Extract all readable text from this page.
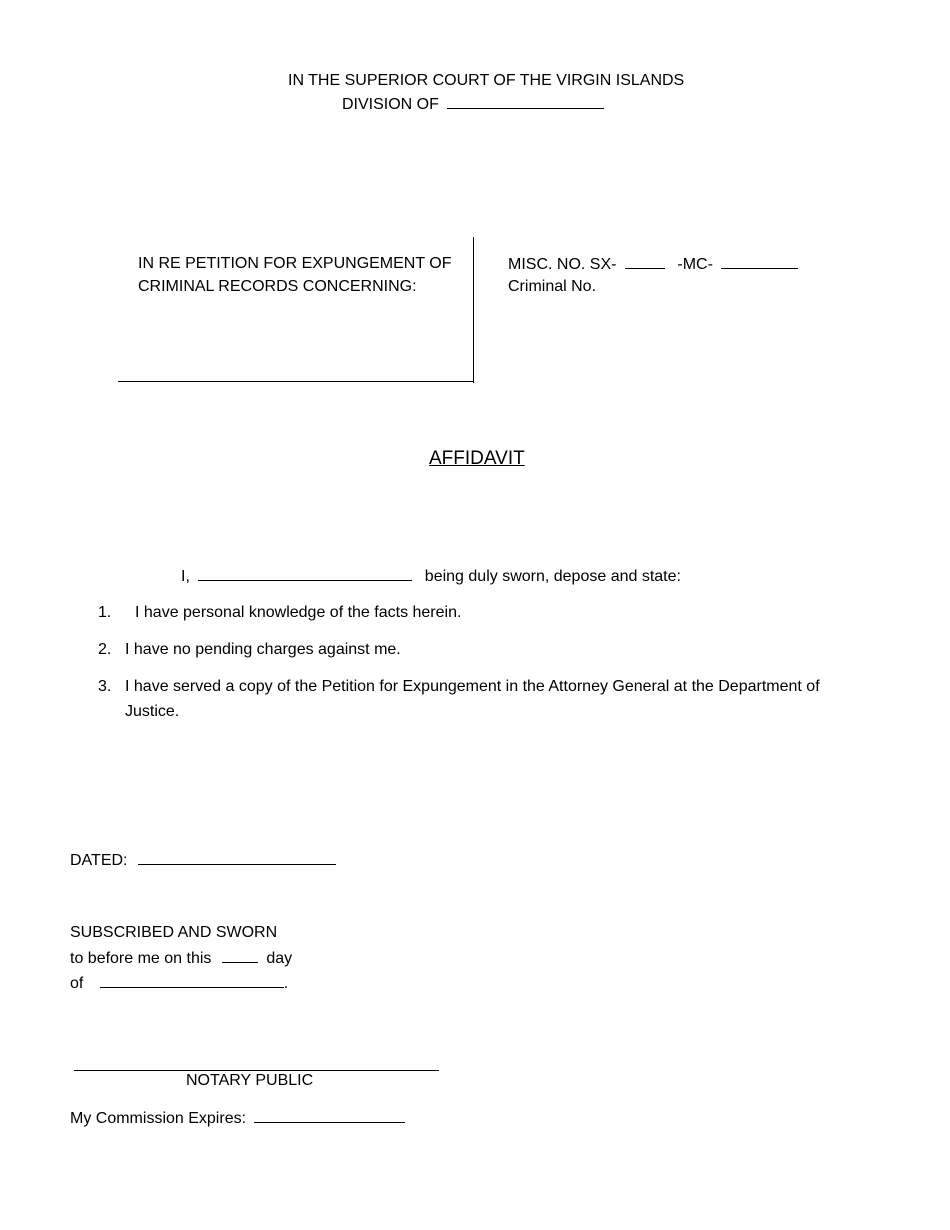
IN THE SUPERIOR COURT OF THE VIRGIN ISLANDS
DIVISION OF
IN RE PETITION FOR EXPUNGEMENT OF
CRIMINAL RECORDS CONCERNING:
MISC. NO. SX-	-MC-
Criminal No.
AFFIDAVIT
I,	being duly sworn, depose and state:
1. I have personal knowledge of the facts herein.
2. I have no pending charges against me.
3. I have served a copy of the Petition for Expungement in the Attorney General at the Department of
Justice.
DATED:
SUBSCRIBED AND SWORN
to before me on this	day
of	.
NOTARY PUBLIC
My Commission Expires:
